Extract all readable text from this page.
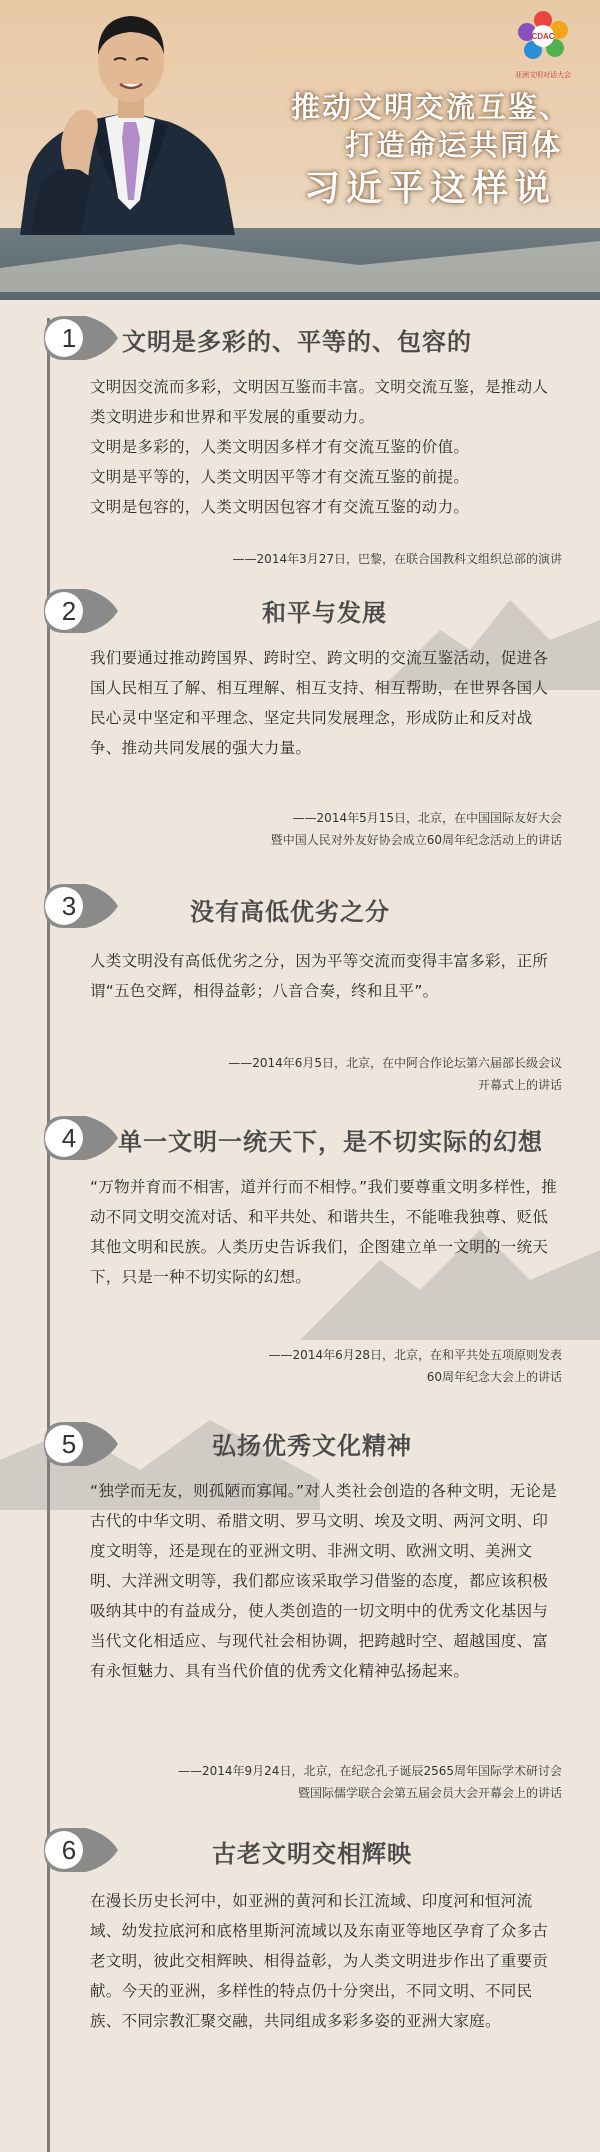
CDAC
亚洲文明对话大会
推动文明交流互鉴、
打造命运共同体
习近平这样说
1	文明是多彩的、平等的、包容的

文明因交流而多彩，文明因互鉴而丰富。文明交流互鉴，是推动人类文明进步和世界和平发展的重要动力。

文明是多彩的，人类文明因多样才有交流互鉴的价值。

文明是平等的，人类文明因平等才有交流互鉴的前提。

文明是包容的，人类文明因包容才有交流互鉴的动力。

——2014年3月27日，巴黎，在联合国教科文组织总部的演讲
2	和平与发展

我们要通过推动跨国界、跨时空、跨文明的交流互鉴活动，促进各国人民相互了解、相互理解、相互支持、相互帮助，在世界各国人民心灵中坚定和平理念、坚定共同发展理念，形成防止和反对战争、推动共同发展的强大力量。

——2014年5月15日，北京，在中国国际友好大会
暨中国人民对外友好协会成立60周年纪念活动上的讲话
3	没有高低优劣之分

人类文明没有高低优劣之分，因为平等交流而变得丰富多彩，正所谓“五色交辉，相得益彰；八音合奏，终和且平”。

——2014年6月5日，北京，在中阿合作论坛第六届部长级会议
开幕式上的讲话
4	单一文明一统天下，是不切实际的幻想

“万物并育而不相害，道并行而不相悖。”我们要尊重文明多样性，推动不同文明交流对话、和平共处、和谐共生，不能唯我独尊、贬低其他文明和民族。人类历史告诉我们，企图建立单一文明的一统天下，只是一种不切实际的幻想。

——2014年6月28日，北京，在和平共处五项原则发表
60周年纪念大会上的讲话
5	弘扬优秀文化精神

“独学而无友，则孤陋而寡闻。”对人类社会创造的各种文明，无论是古代的中华文明、希腊文明、罗马文明、埃及文明、两河文明、印度文明等，还是现在的亚洲文明、非洲文明、欧洲文明、美洲文明、大洋洲文明等，我们都应该采取学习借鉴的态度，都应该积极吸纳其中的有益成分，使人类创造的一切文明中的优秀文化基因与当代文化相适应、与现代社会相协调，把跨越时空、超越国度、富有永恒魅力、具有当代价值的优秀文化精神弘扬起来。

——2014年9月24日，北京，在纪念孔子诞辰2565周年国际学术研讨会
暨国际儒学联合会第五届会员大会开幕会上的讲话
6	古老文明交相辉映

在漫长历史长河中，如亚洲的黄河和长江流域、印度河和恒河流域、幼发拉底河和底格里斯河流域以及东南亚等地区孕育了众多古老文明，彼此交相辉映、相得益彰，为人类文明进步作出了重要贡献。今天的亚洲，多样性的特点仍十分突出，不同文明、不同民族、不同宗教汇聚交融，共同组成多彩多姿的亚洲大家庭。
